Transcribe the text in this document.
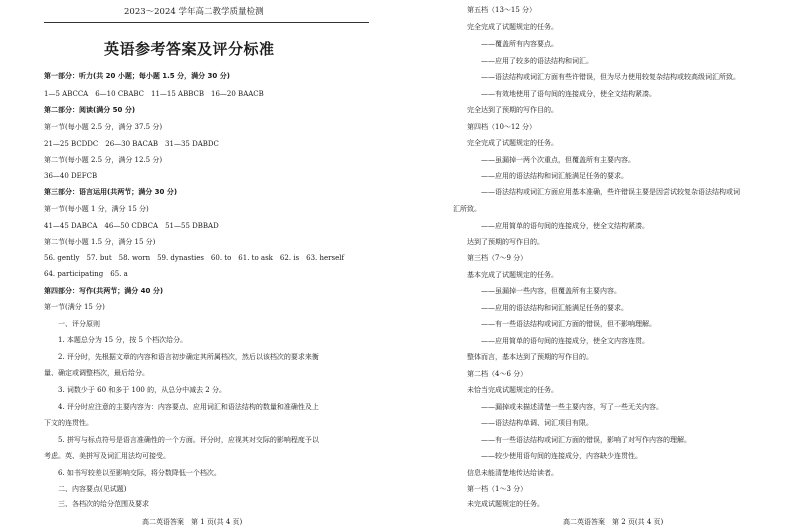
2023～2024 学年高二教学质量检测
英语参考答案及评分标准
第一部分：听力(共 20 小题；每小题 1.5 分，满分 30 分)
1—5 ABCCA　6—10 CBABC　11—15 ABBCB　16—20 BAACB
第二部分：阅读(满分 50 分)
第一节(每小题 2.5 分，满分 37.5 分)
21—25 BCDDC　26—30 BACAB　31—35 DABDC
第二节(每小题 2.5 分，满分 12.5 分)
36—40 DEFCB
第三部分：语言运用(共两节；满分 30 分)
第一节(每小题 1 分，满分 15 分)
41—45 DABCA　46—50 CDBCA　51—55 DBBAD
第二节(每小题 1.5 分，满分 15 分)
56. gently　57. but　58. worn　59. dynasties　60. to　61. to ask　62. is　63. herself
64. participating　65. a
第四部分：写作(共两节；满分 40 分)
第一节(满分 15 分)
一、评分原则
1. 本题总分为 15 分，按 5 个档次给分。
2. 评分时，先根据文章的内容和语言初步确定其所属档次，然后以该档次的要求来衡
量、确定或调整档次，最后给分。
3. 词数少于 60 和多于 100 的，从总分中减去 2 分。
4. 评分时应注意的主要内容为：内容要点、应用词汇和语法结构的数量和准确性及上
下文的连贯性。
5. 拼写与标点符号是语言准确性的一个方面。评分时，应视其对交际的影响程度予以
考虑。英、美拼写及词汇用法均可接受。
6. 如书写较差以至影响交际，将分数降低一个档次。
二、内容要点(见试题)
三、各档次的给分范围及要求
高二英语答案　第 1 页(共 4 页)
第五档（13～15 分）
完全完成了试题规定的任务。
——覆盖所有内容要点。
——应用了较多的语法结构和词汇。
——语法结构或词汇方面有些许错误，但为尽力使用较复杂结构或较高级词汇所致。
——有效地使用了语句间的连接成分，使全文结构紧凑。
完全达到了预期的写作目的。
第四档（10～12 分）
完全完成了试题规定的任务。
——虽漏掉一两个次重点，但覆盖所有主要内容。
——应用的语法结构和词汇能满足任务的要求。
——语法结构或词汇方面应用基本准确，些许错误主要是因尝试较复杂语法结构或词
汇所致。
——应用简单的语句间的连接成分，使全文结构紧凑。
达到了预期的写作目的。
第三档（7～9 分）
基本完成了试题规定的任务。
——虽漏掉一些内容，但覆盖所有主要内容。
——应用的语法结构和词汇能满足任务的要求。
——有一些语法结构或词汇方面的错误，但不影响理解。
——应用简单的语句间的连接成分，使全文内容连贯。
整体而言，基本达到了预期的写作目的。
第二档（4～6 分）
未恰当完成试题规定的任务。
——漏掉或未描述清楚一些主要内容，写了一些无关内容。
——语法结构单调、词汇项目有限。
——有一些语法结构或词汇方面的错误，影响了对写作内容的理解。
——较少使用语句间的连接成分，内容缺少连贯性。
信息未能清楚地传达给读者。
第一档（1～3 分）
未完成试题规定的任务。
高二英语答案　第 2 页(共 4 页)
